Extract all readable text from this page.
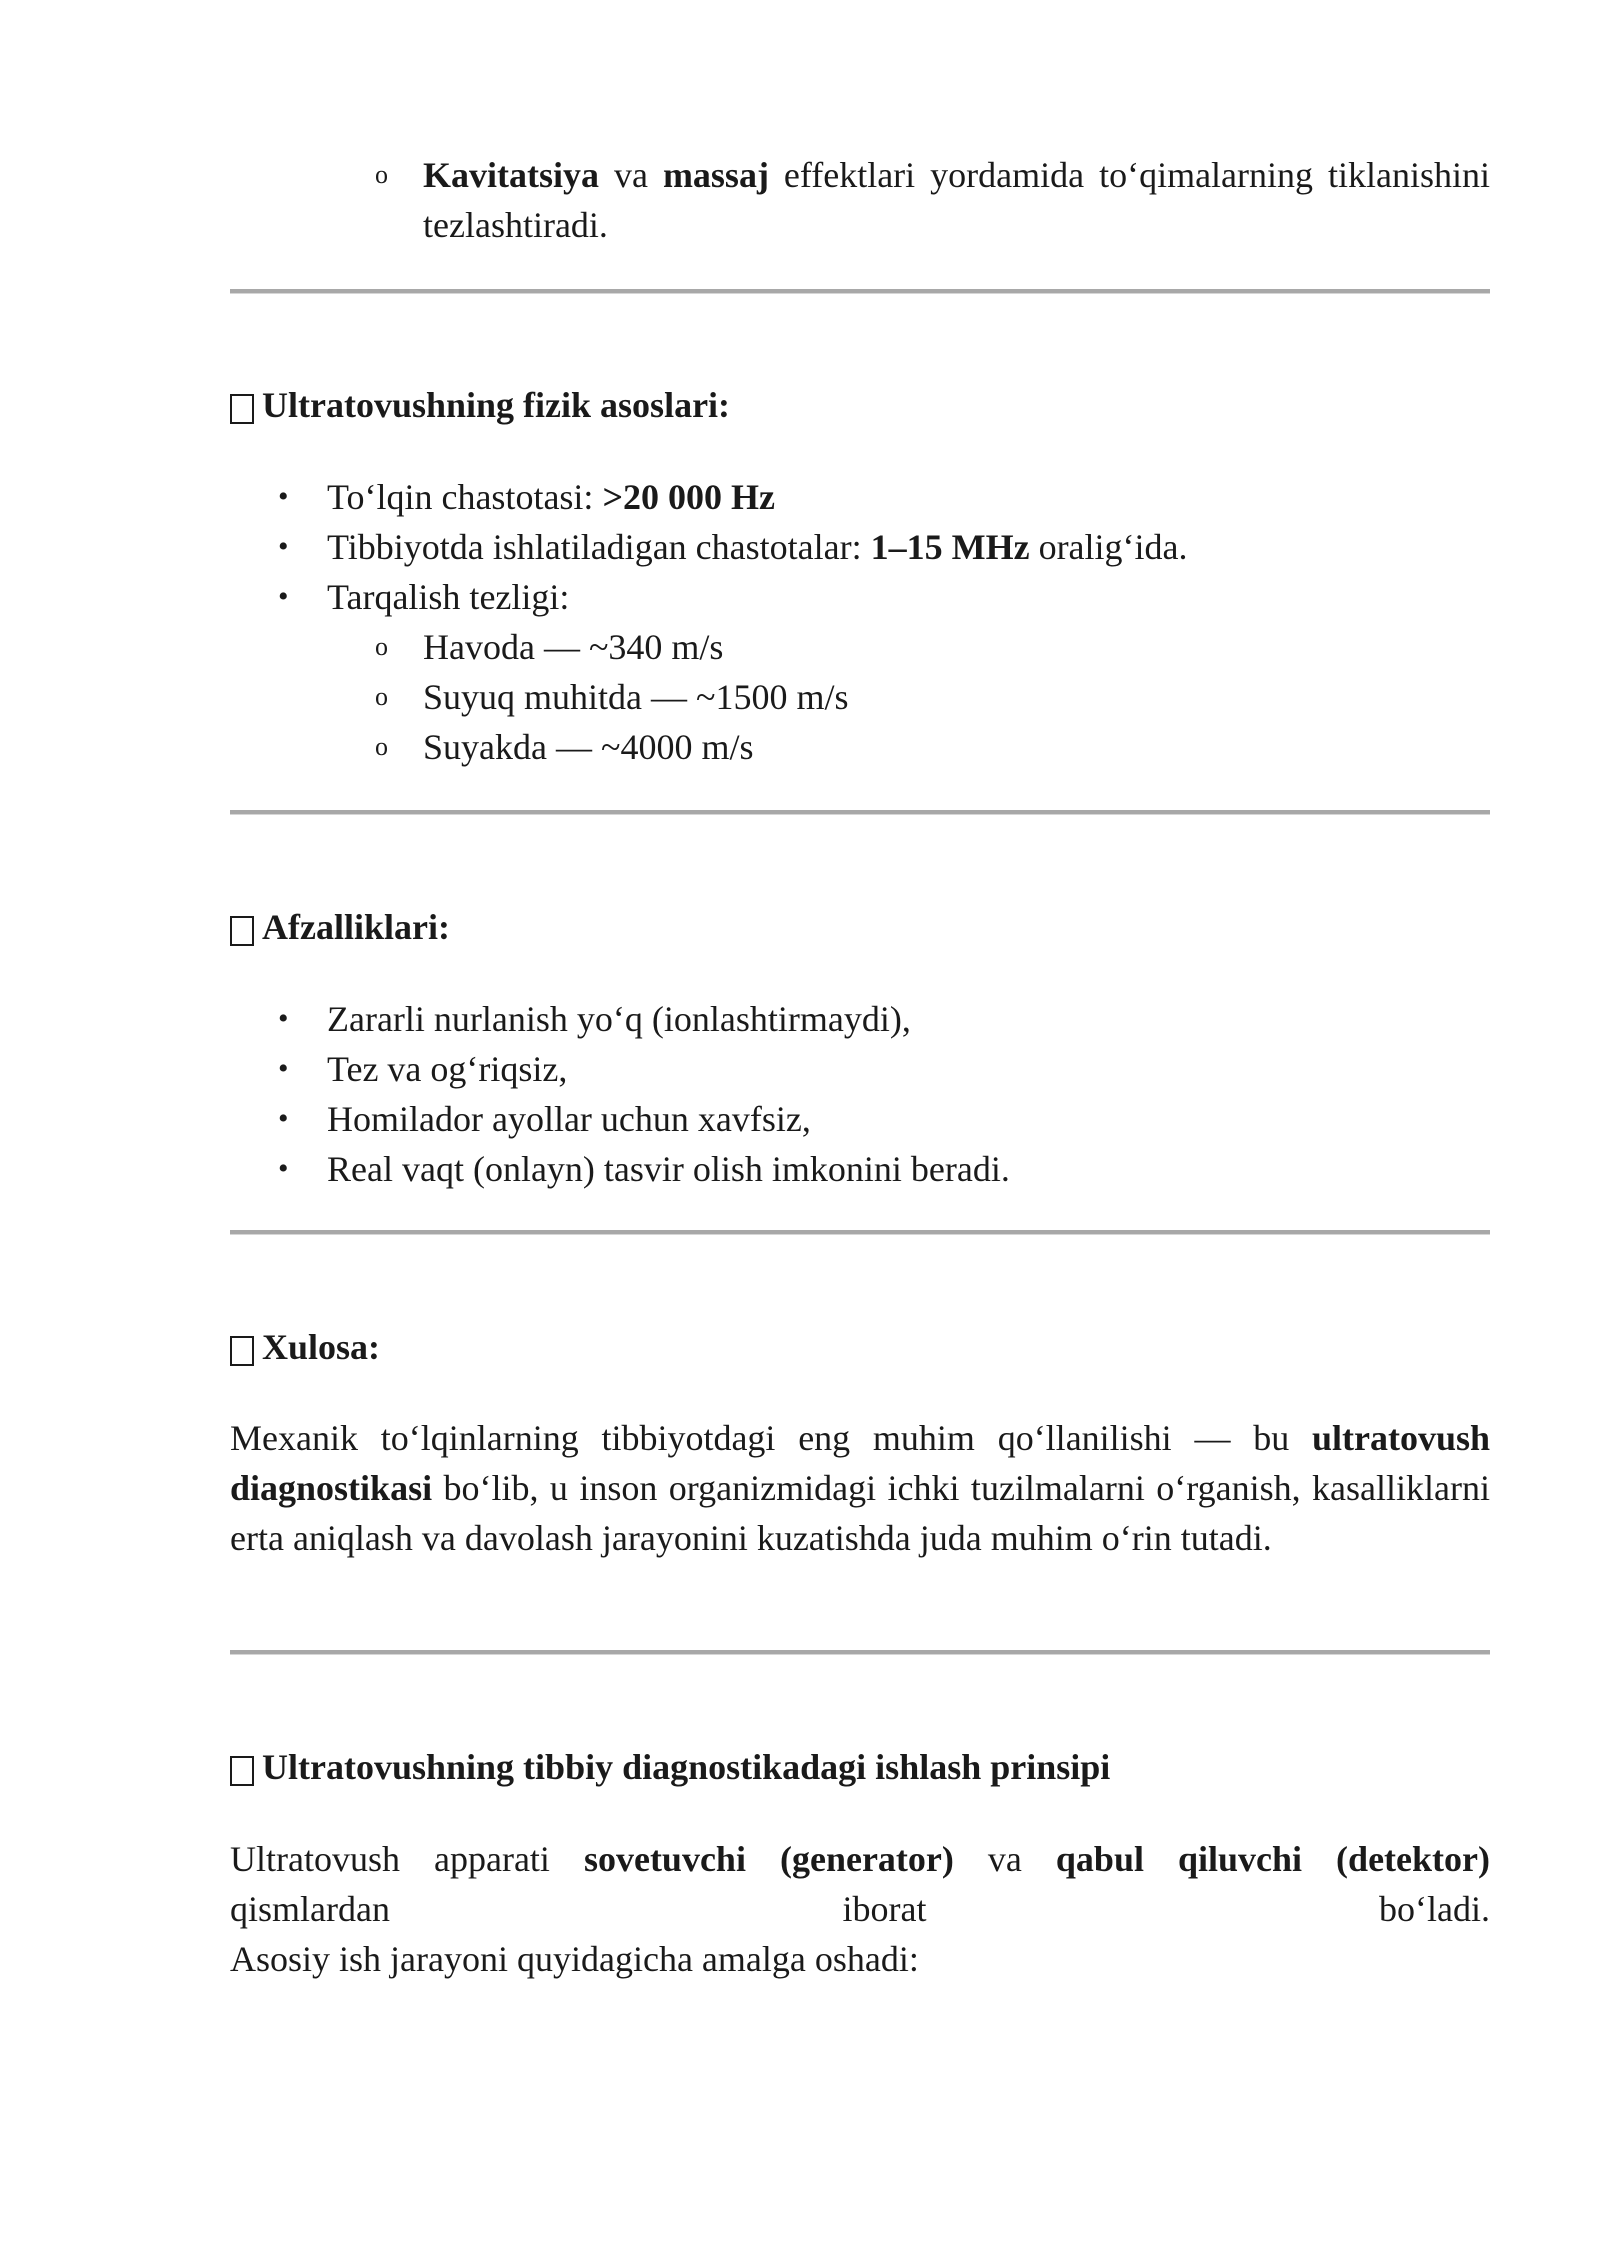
o Kavitatsiya va massaj effektlari yordamida to‘qimalarning tiklanishini tezlashtiradi.

Ultratovushning fizik asoslari:

• To‘lqin chastotasi: >20 000 Hz
• Tibbiyotda ishlatiladigan chastotalar: 1–15 MHz oralig‘ida.
• Tarqalish tezligi:
o Havoda — ~340 m/s
o Suyuq muhitda — ~1500 m/s
o Suyakda — ~4000 m/s

Afzalliklari:

• Zararli nurlanish yo‘q (ionlashtirmaydi),
• Tez va og‘riqsiz,
• Homilador ayollar uchun xavfsiz,
• Real vaqt (onlayn) tasvir olish imkonini beradi.

Xulosa:

Mexanik to‘lqinlarning tibbiyotdagi eng muhim qo‘llanilishi — bu ultratovush diagnostikasi bo‘lib, u inson organizmidagi ichki tuzilmalarni o‘rganish, kasalliklarni erta aniqlash va davolash jarayonini kuzatishda juda muhim o‘rin tutadi.

Ultratovushning tibbiy diagnostikadagi ishlash prinsipi

Ultratovush apparati sovetuvchi (generator) va qabul qiluvchi (detektor)

qismlardan iborat bo‘ladi.

Asosiy ish jarayoni quyidagicha amalga oshadi:
